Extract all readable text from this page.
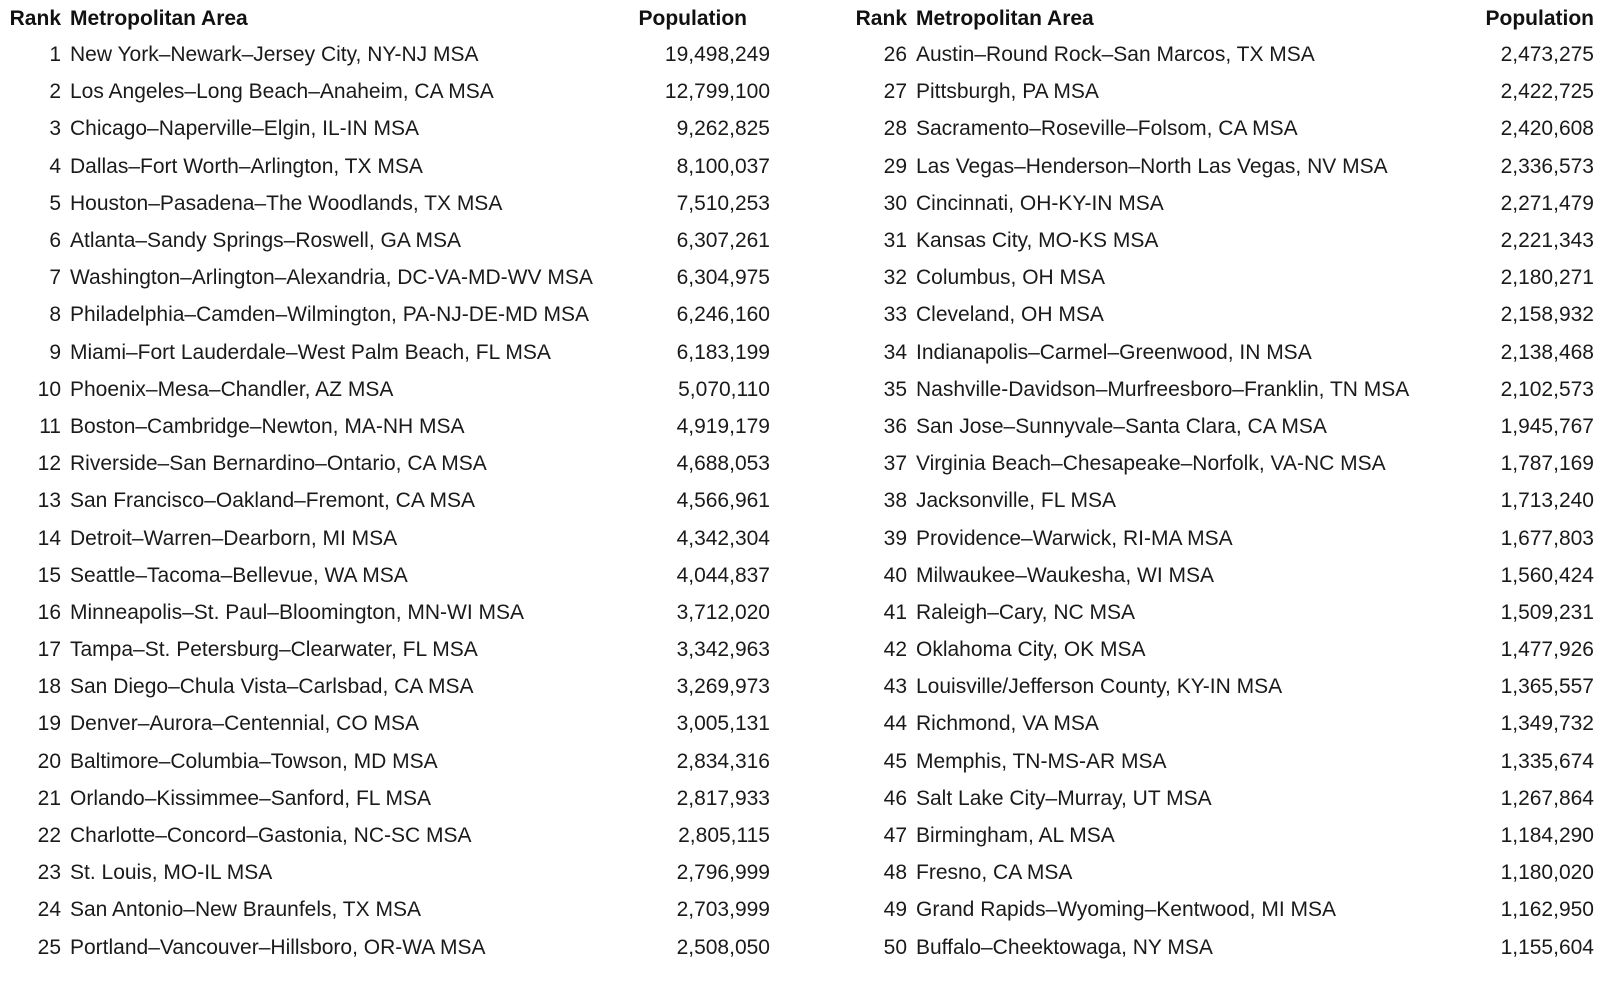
Rank	Metropolitan Area	Population
1	New York–Newark–Jersey City, NY-NJ MSA	19,498,249
2	Los Angeles–Long Beach–Anaheim, CA MSA	12,799,100
3	Chicago–Naperville–Elgin, IL-IN MSA	9,262,825
4	Dallas–Fort Worth–Arlington, TX MSA	8,100,037
5	Houston–Pasadena–The Woodlands, TX MSA	7,510,253
6	Atlanta–Sandy Springs–Roswell, GA MSA	6,307,261
7	Washington–Arlington–Alexandria, DC-VA-MD-WV MSA	6,304,975
8	Philadelphia–Camden–Wilmington, PA-NJ-DE-MD MSA	6,246,160
9	Miami–Fort Lauderdale–West Palm Beach, FL MSA	6,183,199
10	Phoenix–Mesa–Chandler, AZ MSA	5,070,110
11	Boston–Cambridge–Newton, MA-NH MSA	4,919,179
12	Riverside–San Bernardino–Ontario, CA MSA	4,688,053
13	San Francisco–Oakland–Fremont, CA MSA	4,566,961
14	Detroit–Warren–Dearborn, MI MSA	4,342,304
15	Seattle–Tacoma–Bellevue, WA MSA	4,044,837
16	Minneapolis–St. Paul–Bloomington, MN-WI MSA	3,712,020
17	Tampa–St. Petersburg–Clearwater, FL MSA	3,342,963
18	San Diego–Chula Vista–Carlsbad, CA MSA	3,269,973
19	Denver–Aurora–Centennial, CO MSA	3,005,131
20	Baltimore–Columbia–Towson, MD MSA	2,834,316
21	Orlando–Kissimmee–Sanford, FL MSA	2,817,933
22	Charlotte–Concord–Gastonia, NC-SC MSA	2,805,115
23	St. Louis, MO-IL MSA	2,796,999
24	San Antonio–New Braunfels, TX MSA	2,703,999
25	Portland–Vancouver–Hillsboro, OR-WA MSA	2,508,050
Rank	Metropolitan Area	Population
26	Austin–Round Rock–San Marcos, TX MSA	2,473,275
27	Pittsburgh, PA MSA	2,422,725
28	Sacramento–Roseville–Folsom, CA MSA	2,420,608
29	Las Vegas–Henderson–North Las Vegas, NV MSA	2,336,573
30	Cincinnati, OH-KY-IN MSA	2,271,479
31	Kansas City, MO-KS MSA	2,221,343
32	Columbus, OH MSA	2,180,271
33	Cleveland, OH MSA	2,158,932
34	Indianapolis–Carmel–Greenwood, IN MSA	2,138,468
35	Nashville-Davidson–Murfreesboro–Franklin, TN MSA	2,102,573
36	San Jose–Sunnyvale–Santa Clara, CA MSA	1,945,767
37	Virginia Beach–Chesapeake–Norfolk, VA-NC MSA	1,787,169
38	Jacksonville, FL MSA	1,713,240
39	Providence–Warwick, RI-MA MSA	1,677,803
40	Milwaukee–Waukesha, WI MSA	1,560,424
41	Raleigh–Cary, NC MSA	1,509,231
42	Oklahoma City, OK MSA	1,477,926
43	Louisville/Jefferson County, KY-IN MSA	1,365,557
44	Richmond, VA MSA	1,349,732
45	Memphis, TN-MS-AR MSA	1,335,674
46	Salt Lake City–Murray, UT MSA	1,267,864
47	Birmingham, AL MSA	1,184,290
48	Fresno, CA MSA	1,180,020
49	Grand Rapids–Wyoming–Kentwood, MI MSA	1,162,950
50	Buffalo–Cheektowaga, NY MSA	1,155,604
